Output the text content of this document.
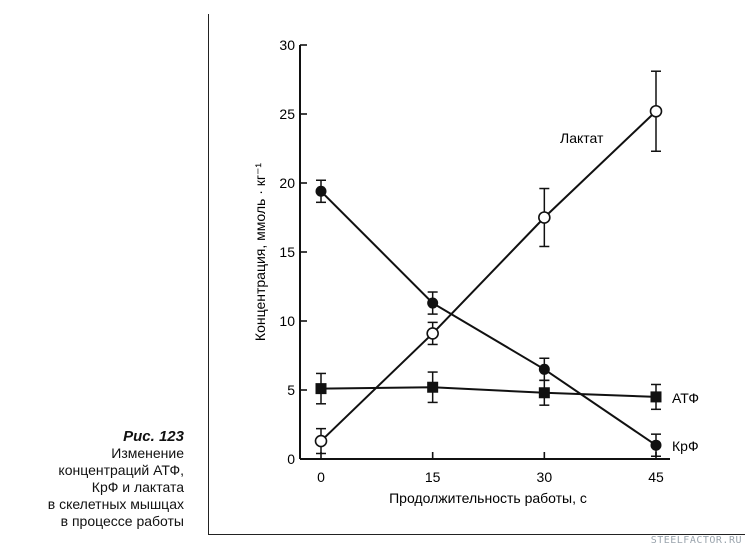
Рис. 123
Изменение
концентраций АТФ,
КрФ и лактата
в скелетных мышцах
в процессе работы
0
5
10
15
20
25
30
0	15	30	45
Продолжительность работы, с
Концентрация, ммоль · кг⁻¹
Лактат
КрФ
АТФ
STEELFACTOR.RU
